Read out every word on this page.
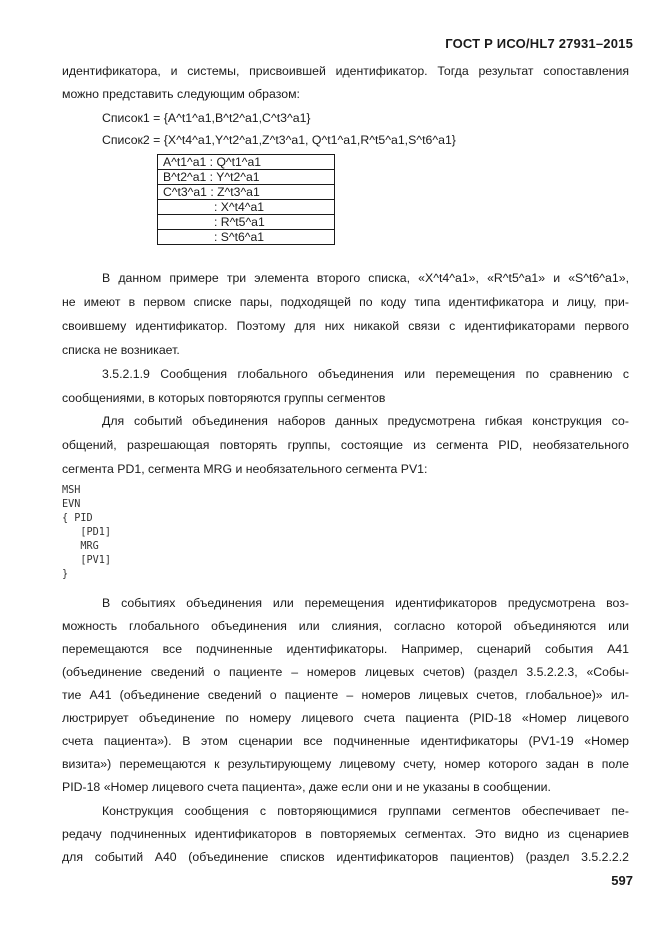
ГОСТ Р ИСО/HL7 27931–2015
идентификатора, и системы, присвоившей идентификатор. Тогда результат сопоставления
можно представить следующим образом:
Список1 = {A^t1^a1,B^t2^a1,C^t3^a1}
Список2 = {X^t4^a1,Y^t2^a1,Z^t3^a1, Q^t1^a1,R^t5^a1,S^t6^a1}
A^t1^a1 : Q^t1^a1
B^t2^a1 : Y^t2^a1
C^t3^a1 : Z^t3^a1
: X^t4^a1
: R^t5^a1
: S^t6^a1
В данном примере три элемента второго списка, «X^t4^a1», «R^t5^a1» и «S^t6^a1»,
не имеют в первом списке пары, подходящей по коду типа идентификатора и лицу, при-
своившему идентификатор. Поэтому для них никакой связи с идентификаторами первого
списка не возникает.
3.5.2.1.9 Сообщения глобального объединения или перемещения по сравнению с
сообщениями, в которых повторяются группы сегментов
Для событий объединения наборов данных предусмотрена гибкая конструкция со-
общений, разрешающая повторять группы, состоящие из сегмента PID, необязательного
сегмента PD1, сегмента MRG и необязательного сегмента PV1:
MSH
EVN
{ PID
[PD1]
MRG
[PV1]
}
В событиях объединения или перемещения идентификаторов предусмотрена воз-
можность глобального объединения или слияния, согласно которой объединяются или
перемещаются все подчиненные идентификаторы. Например, сценарий события А41
(объединение сведений о пациенте – номеров лицевых счетов) (раздел 3.5.2.2.3, «Собы-
тие А41 (объединение сведений о пациенте – номеров лицевых счетов, глобальное)» ил-
люстрирует объединение по номеру лицевого счета пациента (PID-18 «Номер лицевого
счета пациента»). В этом сценарии все подчиненные идентификаторы (PV1-19 «Номер
визита») перемещаются к результирующему лицевому счету, номер которого задан в поле
PID-18 «Номер лицевого счета пациента», даже если они и не указаны в сообщении.
Конструкция сообщения с повторяющимися группами сегментов обеспечивает пе-
редачу подчиненных идентификаторов в повторяемых сегментах. Это видно из сценариев
для событий А40 (объединение списков идентификаторов пациентов) (раздел 3.5.2.2.2
597
